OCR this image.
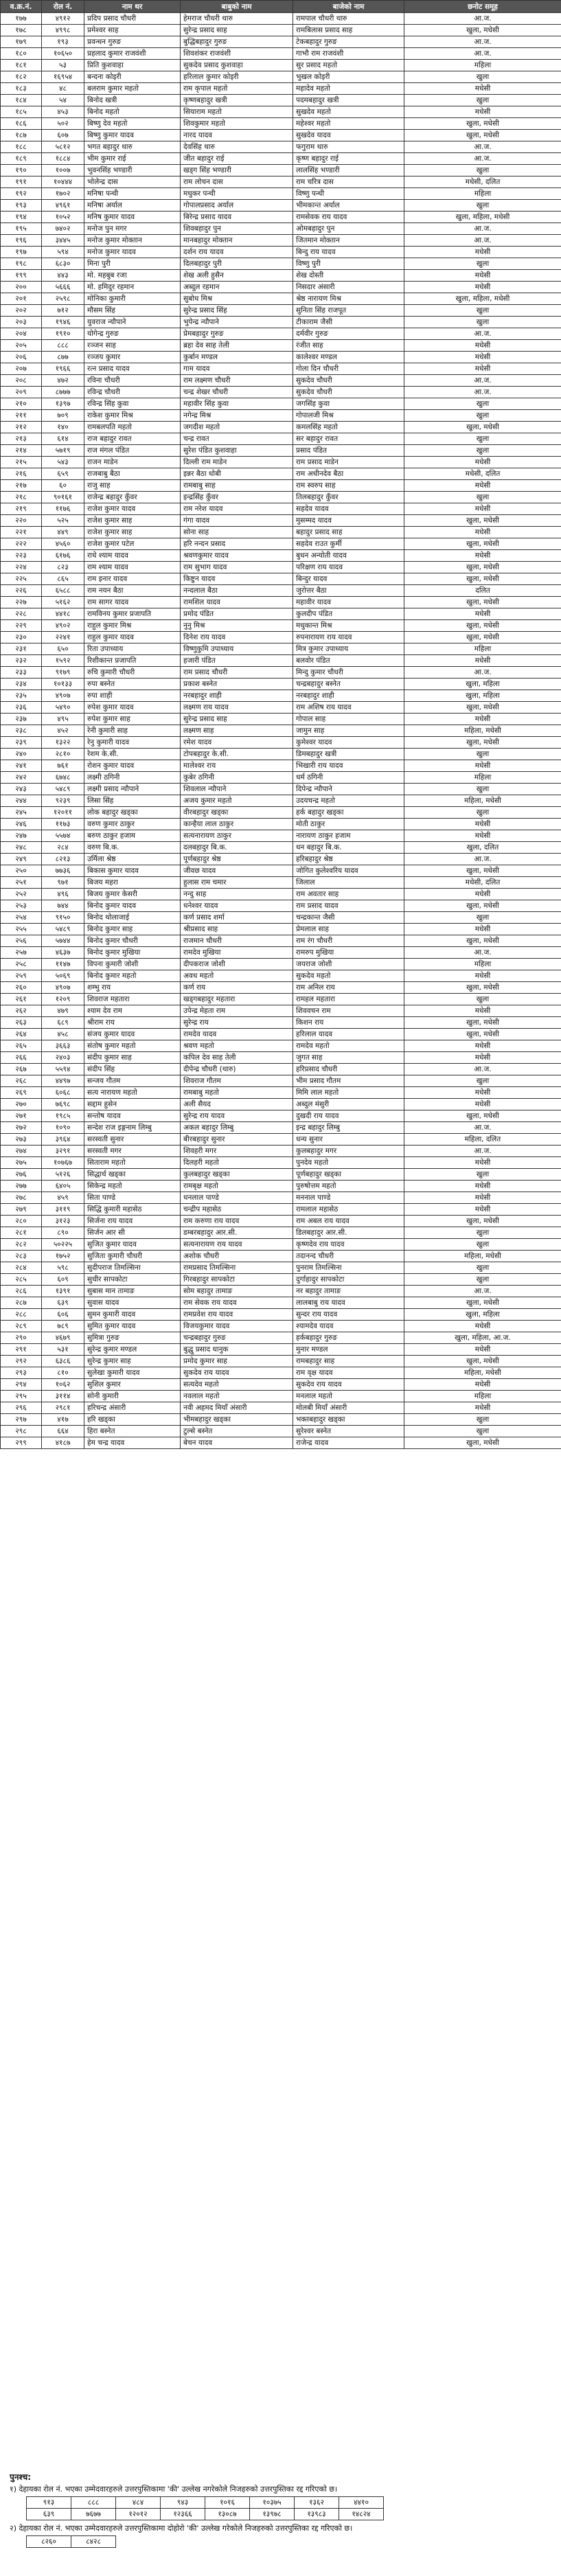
व.क्र.नं.	रोल नं.	नाम थर	बाबुको नाम	बाजेको नाम	छनोट समूह
१७७	४९१२	प्रदिप प्रसाद चौधरी	हेमराज चौधरी थारु	रामपाल चौधरी थारु	आ.ज.
१७८	४९९८	प्रमेश्वर साह	सुरेन्द्र प्रसाद साह	रामबिलास प्रसाद साह	खुला, मधेसी
१७९	१९३	प्रवन्धन गुरुङ	बुद्धिबहादुर गुरुङ	टेकबहादुर गुरुङ	आ.ज.
१८०	१०६५०	प्रहलाद कुमार राजवंशी	शिवशंकर राजवंशी	गाभौ राम राजवंशी	आ.ज.
१८१	५३	प्रिति कुशवाहा	सुकदेव प्रसाद कुशवाहा	सुर प्रसाद महतो	महिला
१८२	१६९५४	बन्दना कोइरी	हरिलाल कुमार कोइरी	भुखल कोइरी	खुला
१८३	४८	बलराम कुमार महतो	राम कृपाल महतो	महादेव महतो	मधेसी
१८४	५४	बिनोद खत्री	कृष्णबहादुर खत्री	पदमबहादुर खत्री	खुला
१८५	४५३	बिनोद महतो	सियाराम महतो	सुखदेव महतो	मधेसी
१८६	५०२	बिष्णु देव महतो	शिवकुमार महतो	महेश्वर महतो	खुला, मधेसी
१८७	६०७	बिष्णु कुमार यादव	नारद यादव	सुखदेव यादव	खुला, मधेसी
१८८	५८१२	भगत बहादुर थारु	देवसिंह थारु	फगुराम थारु	आ.ज.
१८९	१८८४	भीम कुमार राई	जीत बहादुर राई	कृष्ण बहादुर राई	आ.ज.
१९०	१००७	भुवनसिंह भण्डारी	खड्ग सिंह भण्डारी	लालसिंह भण्डारी	खुला
१९१	१०४४४	भोलेन्द्र दास	राम लोचन दास	राम चरित्र दास	मधेसी, दलित
१९२	१७०२	मनिषा पन्थी	मधुकर पन्थी	विष्णु पन्थी	महिला
१९३	४९६१	मनिषा अर्याल	गोपालप्रसाद अर्याल	भीमकान्त अर्याल	खुला
१९४	१०५२	मनिष कुमार यादव	बिरेन्द्र प्रसाद यादव	रामसेवक राय यादव	खुला, महिला, मधेसी
१९५	७४०२	मनोज पुन मगर	शिवबहादुर पुन	ओमबहादुर पुन	आ.ज.
१९६	३४४५	मनोज कुमार मोक्तान	मानबहादुर मोक्तान	जितमान मोक्तान	आ.ज.
१९७	५९४	मनोज कुमार यादव	दर्शन राय यादव	बिन्दु राय यादव	मधेसी
१९८	६८३०	मिना पुरी	दिलबहादुर पुरी	विष्णु पुरी	खुला
१९९	४४३	मो. महबुब रजा	शेख अली हुसैन	शेख दोस्ती	मधेसी
२००	५६६६	मो. हमिदुर रहमान	अब्दुल रहमान	निसदार अंसारी	मधेसी
२०१	२५९८	मोनिका कुमारी	सुबोध मिश्र	श्रेष्ठ नारायण मिश्र	खुला, महिला, मधेसी
२०२	७१२	मौसम सिंह	सुरेन्द्र प्रसाद सिंह	सुनिता सिंह राजपूत	खुला
२०३	१९४६	युवराज न्यौपाने	भुपेन्द्र न्यौपाने	टीकाराम जैसी	खुला
२०४	१९१०	योगेन्द्र गुरुङ	प्रेमबहादुर गुरुङ	दर्मवीर गुरुङ	आ.ज.
२०५	८८८	रञ्जन साह	ब्रहा देव साह तेली	रंजीत साह	मधेसी
२०६	८७७	रञ्जय कुमार	कुर्बान मण्डल	कालेश्वर मण्डल	मधेसी
२०७	१९६६	रत्न प्रसाद यादव	गाम यादव	गोला दिन चौधरी	मधेसी
२०८	४७२	रविना चौधरी	राम लक्ष्मण चौधरी	सुकदेव चौधरी	आ.ज.
२०९	८७७७	रविन्द्र चौधरी	चन्द्र शेखर चौधरी	सुकदेव चौधरी	आ.ज.
२१०	१३९७	रविन्द्र सिंह कुवा	महावीर सिंह कुवा	जगसिंह कुवा	खुला
२११	७०९	राकेश कुमार मिश्र	नगेन्द्र मिश्र	गोपालजी मिश्र	खुला
२१२	१४०	रामबलपति महतो	जगदीश महतो	कमलसिंह महतो	खुला, मधेसी
२१३	६१४	राज बहादुर रावत	चन्द्र रावत	सर बहादुर रावत	खुला
२१४	५७१९	राज मंगल पंडित	सुरेश पंडित कुशवाहा	प्रसाद पंडित	खुला
२१५	५४३	राजन माडेन	दिल्ली राम माडेन	राम प्रसाद माडेन	मधेसी
२१६	६५९	राजबाबु बैठा	इन्नर बैठा धोबी	राम अधीनदेव बैठा	मधेसी, दलित
२१७	६०	राजु साह	रामबाबु साह	राम स्वरुप साह	मधेसी
२१८	९०१६१	राजेन्द्र बहादुर कुँवर	इन्द्रसिंह कुँवर	तिलबहादुर कुँवर	खुला
२१९	११७६	राजेश कुमार यादव	राम नरेश यादव	सहदेव यादव	मधेसी
२२०	५२५	राजेश कुमार साह	गंगा यादव	मुसम्मद यादव	खुला, मधेसी
२२१	४४९	राजेश कुमार साह	सोना साह	बहादुर प्रसाद साह	मधेसी
२२२	४५६०	राजेश कुमार पटेल	हरि नन्दन प्रसाद	सहदेव राउत कुर्मी	खुला, मधेसी
२२३	६१७६	राधे श्याम यादव	श्रवणकुमार यादव	बुधन अन्योती यादव	मधेसी
२२४	८२३	राम श्याम यादव	राम सुभाग यादव	परिक्षण राय यादव	खुला, मधेसी
२२५	८६५	राम इनार यादव	किष्टुन यादव	बिन्दुर यादव	खुला, मधेसी
२२६	६५८८	राम नयन बैठा	नन्दलाल बैठा	जुरोत्तर बैठा	दलित
२२७	५१६२	राम सागर यादव	रामशिल यादव	महावीर यादव	खुला, मधेसी
२२८	४४१८	रामविनय कुमार प्रजापति	प्रमोद पंडित	कुलदीप पंडित	मधेसी
२२९	४९०२	राहुल कुमार मिश्र	नुनु मिश्र	मधुकान्त मिश्र	खुला, मधेसी
२३०	२२४१	राहुल कुमार यादव	दिनेश राय यादव	रुपनारायण राय यादव	खुला, मधेसी
२३१	६५०	रिता उपाध्याय	विष्णुकुमि उपाध्याय	मित्र कुमार उपाध्याय	महिला
२३२	१५९२	रिशीकान्त प्रजापति	हजारी पंडित	बलवोर पंडित	मधेसी
२३३	९१७९	रुचि कुमारी चौधरी	राम प्रसाद चौधरी	मिन्दु कुमार चौधरी	आ.ज.
२३४	१०१३३	रुपा बस्नेत	प्रकाश बस्नेत	चन्द्रबहादुर बस्नेत	खुला, महिला
२३५	४९०७	रुपा शाही	नरबहादुर शाही	नरबहादुर शाही	खुला, महिला
२३६	५४९०	रुपेश कुमार यादव	लक्ष्मण राय यादव	राम अशिष राय यादव	खुला, मधेसी
२३७	४९५	रुपेश कुमार साह	सुरेन्द्र प्रसाद साह	गोपाल साह	मधेसी
२३८	४५२	रेनी कुमारी साह	लक्ष्मण साह	जामुन साह	महिला, मधेसी
२३९	१३२२	रेनु कुमारी यादव	रमेश यादव	कुमेश्वर यादव	खुला, मधेसी
२४०	२८१०	रेशम के.सी.	टोपबहादुर के.सी.	डिमबहादुर खत्री	खुला
२४१	७६१	रोशन कुमार यादव	मालेश्वर राय	भिखारी राय यादव	मधेसी
२४२	६७४८	लक्ष्मी ठगिनी	कुबेर ठगिनी	धर्म ठगिनी	महिला
२४३	५४८९	लक्ष्मी प्रसाद न्यौपाने	शिवलाल न्यौपाने	दिपेन्द्र न्यौपाने	खुला
२४४	९२३९	लिसा सिंह	अजय कुमार महतो	उदयचन्द्र महतो	महिला, मधेसी
२४५	१२०११	लोक बहादुर खड्का	वीरबहादुर खड्का	हर्क बहादुर खड्का	खुला
२४६	११७३	वरुण कुमार ठाकुर	कान्हैया लाल ठाकुर	मोती ठाकुर	मधेसी
२४७	५५७४	बरुण ठाकुर हजाम	सत्यनारायण ठाकुर	नारायण ठाकुर हजाम	मधेसी
२४८	२८४	वरुण बि.क.	दलबहादुर बि.क.	धन बहादुर बि.क.	खुला, दलित
२४९	८२१३	उर्मिला श्रेष्ठ	पूर्णबहादुर श्रेष्ठ	हरिबहादुर श्रेष्ठ	आ.ज.
२५०	७७३६	बिकास कुमार यादव	जीवछ यादव	जोगित कुलेश्वरिय यादव	खुला, मधेसी
२५१	९७१	बिजय महरा	हुलास राम चमार	जिलाल	मधेसी, दलित
२५२	४९६	बिजय कुमार केसरी	नन्दु साह	राम अवतार साह	मधेसी
२५३	७४४	बिनोद कुमार यादव	धनेश्वर यादव	राम प्रसाद यादव	खुला, मधेसी
२५४	९१५०	बिनोद थोलाजाई	कर्ण प्रसाद शर्मा	चन्द्रकान्त जैसी	खुला
२५५	५४८९	बिनोद कुमार साह	श्रीप्रसाद साह	प्रेमलाल साह	मधेसी
२५६	५७४४	बिनोद कुमार चौधरी	राजमान चौधरी	राम रंग चौधरी	खुला, मधेसी
२५७	४६३७	बिनोद कुमार मुखिया	रामदेव मुखिया	रामरुप मुखिया	आ.ज.
२५८	११४७	विपना कुमारी जोशी	दीपकराज जोशी	जयराज जोशी	महिला
२५९	५०६९	बिनोद कुमार महतो	अवध महतो	सुकदेव महतो	मधेसी
२६०	४९०७	शम्भु राय	कर्ण राय	राम अनिल राय	खुला, मधेसी
२६१	१२०९	शिवराज महतारा	खड्गबहादुर महतारा	रामहल महतारा	खुला
२६२	४७९	श्याम देव राम	उपेन्द्र मेहता राम	शिववचन राम	मधेसी
२६३	६८९	श्रीराम राय	सुरेन्द्र राय	किशन राय	खुला, मधेसी
२६४	४५८	संजय कुमार यादव	रामदेव यादव	हरिलाल यादव	खुला, मधेसी
२६५	३६६३	संतोष कुमार महतो	श्रवण महतो	रामदेव महतो	मधेसी
२६६	२४०३	संदीप कुमार साह	कपिल देव साह तेली	जुगत साह	मधेसी
२६७	५५९४	संदीप सिंह	दीपेन्द्र चौधरी (थारु)	हरिप्रसाद चौधरी	आ.ज.
२६८	४४९७	सन्जय गौतम	शिवराज गौतम	भीम प्रसाद गौतम	खुला
२६९	६०६८	सत्य नारायण महतो	रामबाबु महतो	मिमि लाल महतो	मधेसी
२७०	७६९८	सद्दाम हुसेन	अली सैयद	अब्दुल मंसुरी	मधेसी
२७१	१९८५	सन्तोष यादव	सुरेन्द्र राय यादव	दुखदी राय यादव	खुला, मधेसी
२७२	१०९०	सन्देश राज इङ्गनाम लिम्बु	अकल बहादुर लिम्बु	इन्द्र बहादुर लिम्बु	आ.ज.
२७३	३९६४	सरस्वती सुनार	बीरबहादुर सुनार	धन्य सुनार	महिला, दलित
२७४	३२९१	सरस्वती मगर	शिवहरी मगर	कुलबहादुर मगर	आ.ज.
२७५	१०७६७	सिताराम महतो	दिलहरी महतो	पुनदेव महतो	मधेसी
२७६	५१२६	सिद्धार्थ खड्का	कुलबहादुर खड्का	पूर्णबहादुर खड्का	खुला
२७७	६४०५	सिकेन्द्र महतो	रामबृक्ष महतो	पुरुषोत्तम महतो	मधेसी
२७८	४५९	सिता पाण्डे	धनलाल पाण्डे	मननाल पाण्डे	मधेसी
२७९	३११९	सिद्धि कुमारी महासेठ	चन्द्रीप महासेठ	रामलाल महासेठ	मधेसी
२८०	३१२३	सिर्जना राय यादव	राम करुणा राय यादव	राम अबल राय यादव	खुला, मधेसी
२८१	८९०	सिर्जन आर सी	डम्बरबहादुर आर.सी.	डिलबहादुर आर.सी.	खुला
२८२	५०२२५	सुजित कुमार यादव	सत्यनारायण राय यादव	कृष्णदेव राय यादव	खुला
२८३	१७५२	सुजिता कुमारी चौधरी	अशोक चौधरी	तदानन्द चौधरी	महिला, मधेसी
२८४	५९८	सुदीपराज तिमल्सिना	रामप्रसाद तिमल्सिना	पुनराम तिमल्सिना	खुला
२८५	६०९	सुधीर सापकोटा	गिरबहादुर सापकोटा	दुर्गाहादुर सापकोटा	खुला
२८६	१३९१	सुबास मान तामाङ	सोम बहादुर तामाङ	नर बहादुर तामाङ	आ.ज.
२८७	६३९	सुवास यादव	राम सेवक राय यादव	लालबाबु राय यादव	खुला, मधेसी
२८८	६०६	सुमन कुमारी यादव	रामप्रवेश राय यादव	सुन्दर राय यादव	खुला, महिला
२८९	७८९	सुमित कुमार यादव	विजयकुमार यादव	श्यामदेव यादव	मधेसी
२९०	४६७९	सुमित्रा गुरुङ	चन्द्रबहादुर गुरुङ	हर्कबहादुर गुरुङ	खुला, महिला, आ.ज.
२९१	५३१	सुरेन्द्र कुमार मण्डल	बुद्धु प्रसाद धानुक	मुनार मण्डल	मधेसी
२९२	६३८६	सुरेन्द्र कुमार साह	प्रमोद कुमार साह	रामबहादुर साह	खुला, मधेसी
२९३	८१०	सुलेखा कुमारी यादव	सुकदेव राय यादव	राम वृक्ष यादव	महिला, मधेसी
२९४	१०६२	सुशिल कुमार	सत्यदेव महतो	सुकदेव राय यादव	मधेसी
२९५	३११४	सोनी कुमारी	नवलाल महतो	मनलाल महतो	महिला
२९६	२९८१	हरिचन्द्र अंसारी	नवी अहमद मियाँ अंसारी	मोलबी मियाँ अंसारी	मधेसी
२९७	४१७	हरि खड्का	भीमबहादुर खड्का	भक्तबहादुर खड्का	खुला
२९८	६६४	हिरा बस्नेत	टुल्से बस्नेत	सुरेश्वर बस्नेत	खुला
२९९	४१८७	हेम चन्द्र यादव	बेचन यादव	राजेन्द्र यादव	खुला, मधेसी
पुनश्च:
१) देहायका रोल नं. भएका उम्मेदवारहरुले उत्तरपुस्तिकामा 'की' उल्लेख नगरेकोले निजहरुको उत्तरपुस्तिका रद्द गरिएको छ।
९१३	८८८	४८४	९४३	१०१६	१०३७५	१३६२	४४१०
६३९	७६७७	१२०१२	१२३६६	१३०८७	१३९७८	१३९८३	१४८२४
२) देहायका रोल नं. भएका उम्मेदवारहरुले उत्तरपुस्तिकामा दोहोरो 'की' उल्लेख गरेकोले निजहरुको उत्तरपुस्तिका रद्द गरिएको छ।
८२६०	८४२८
